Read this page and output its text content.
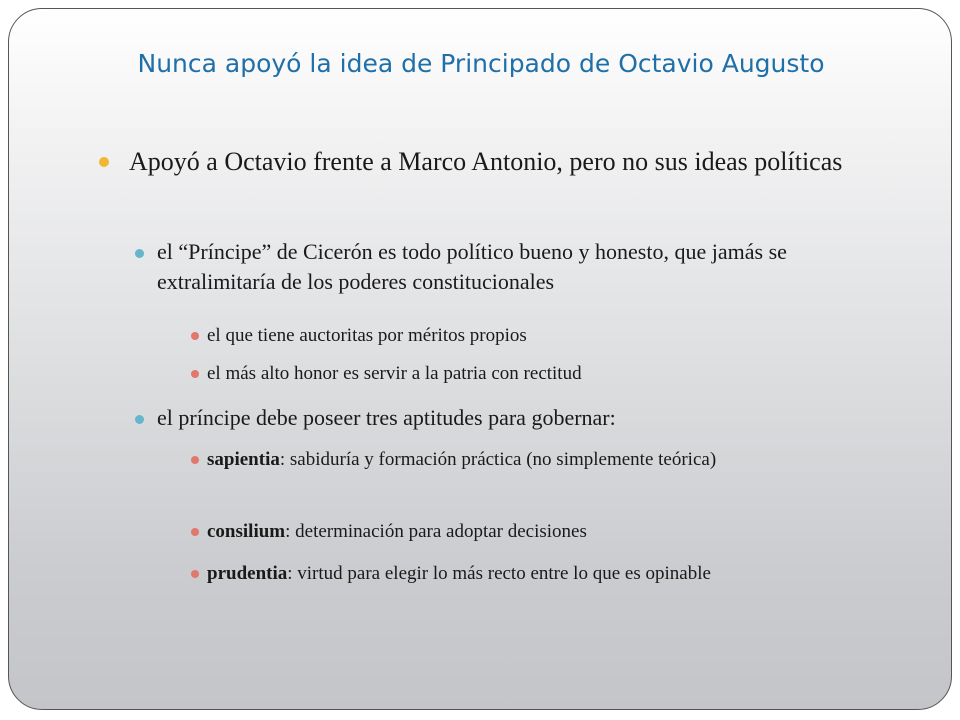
Nunca apoyó la idea de Principado de Octavio Augusto
Apoyó a Octavio frente a Marco Antonio, pero no sus ideas políticas
el “Príncipe” de Cicerón es todo político bueno y honesto, que jamás se extralimitaría de los poderes constitucionales
el que tiene auctoritas por méritos propios
el más alto honor es servir a la patria con rectitud
el príncipe debe poseer tres aptitudes para gobernar:
sapientia: sabiduría y formación práctica (no simplemente teórica)
consilium: determinación para adoptar decisiones
prudentia: virtud para elegir lo más recto entre lo que es opinable
